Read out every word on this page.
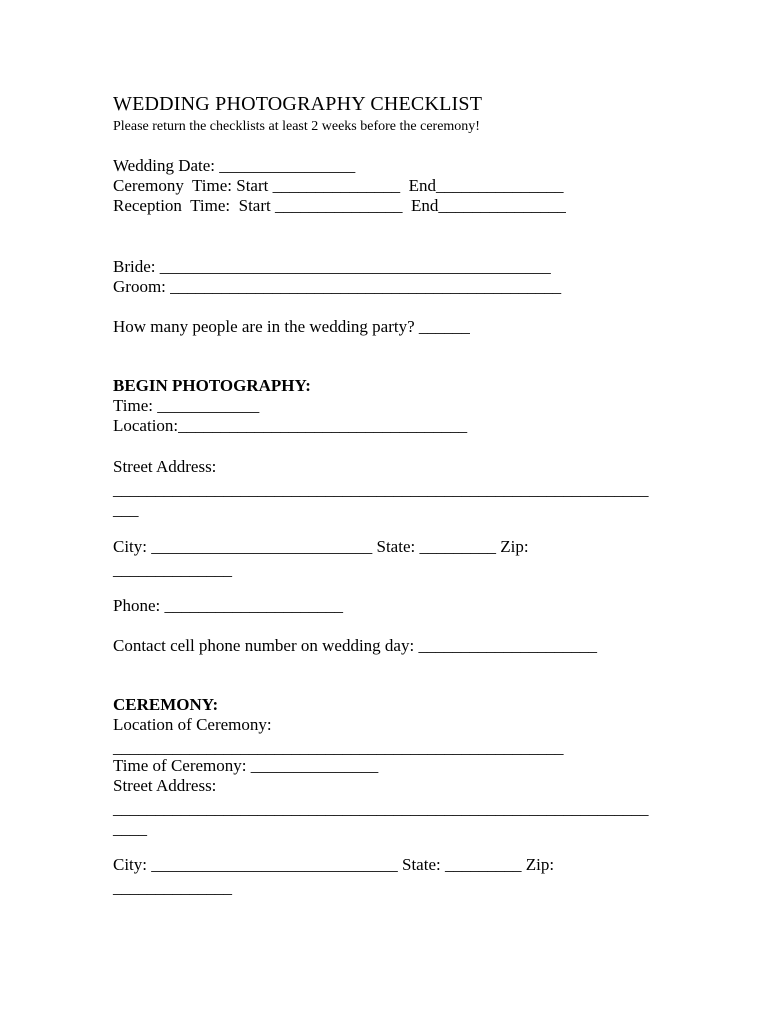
WEDDING PHOTOGRAPHY CHECKLIST
Please return the checklists at least 2 weeks before the ceremony!
Wedding Date: ________________
Ceremony  Time: Start _______________  End_______________
Reception  Time:  Start _______________  End_______________
Bride: ______________________________________________
Groom: ______________________________________________
How many people are in the wedding party? ______
BEGIN PHOTOGRAPHY:
Time: ____________
Location:__________________________________
Street Address:
_______________________________________________________________
___
City: __________________________ State: _________ Zip:
______________
Phone: _____________________
Contact cell phone number on wedding day: _____________________
CEREMONY:
Location of Ceremony:
_____________________________________________________
Time of Ceremony: _______________
Street Address:
_______________________________________________________________
____
City: _____________________________ State: _________ Zip:
______________
